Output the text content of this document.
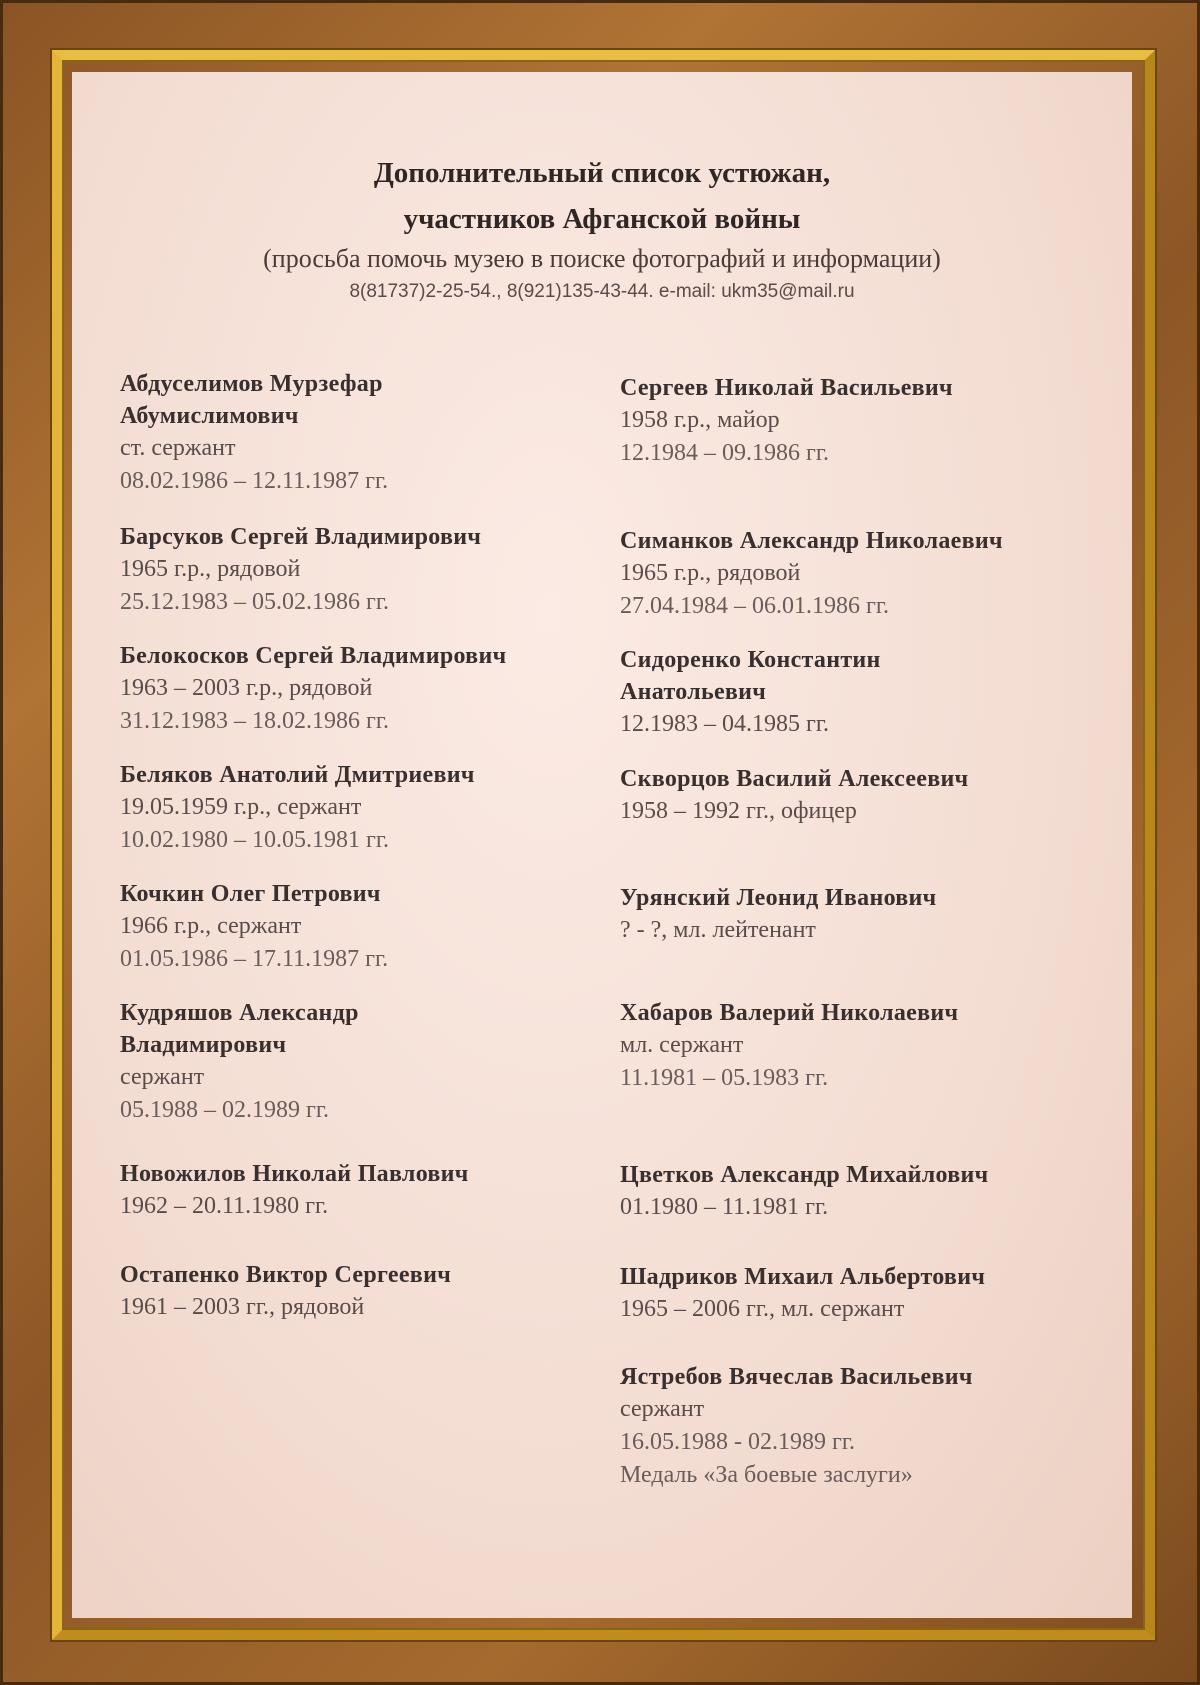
Дополнительный список устюжан,
участников Афганской войны
(просьба помочь музею в поиске фотографий и информации)
8(81737)2-25-54., 8(921)135-43-44. e-mail: ukm35@mail.ru
Абдуселимов Мурзефар
Абумислимович
ст. сержант
08.02.1986 – 12.11.1987 гг.
Барсуков Сергей Владимирович
1965 г.р., рядовой
25.12.1983 – 05.02.1986 гг.
Белокосков Сергей Владимирович
1963 – 2003 г.р., рядовой
31.12.1983 – 18.02.1986 гг.
Беляков Анатолий Дмитриевич
19.05.1959 г.р., сержант
10.02.1980 – 10.05.1981 гг.
Кочкин Олег Петрович
1966 г.р., сержант
01.05.1986 – 17.11.1987 гг.
Кудряшов Александр
Владимирович
сержант
05.1988 – 02.1989 гг.
Новожилов Николай Павлович
1962 – 20.11.1980 гг.
Остапенко Виктор Сергеевич
1961 – 2003 гг., рядовой
Сергеев Николай Васильевич
1958 г.р., майор
12.1984 – 09.1986 гг.
Симанков Александр Николаевич
1965 г.р., рядовой
27.04.1984 – 06.01.1986 гг.
Сидоренко Константин
Анатольевич
12.1983 – 04.1985 гг.
Скворцов Василий Алексеевич
1958 – 1992 гг., офицер
Урянский Леонид Иванович
? - ?, мл. лейтенант
Хабаров Валерий Николаевич
мл. сержант
11.1981 – 05.1983 гг.
Цветков Александр Михайлович
01.1980 – 11.1981 гг.
Шадриков Михаил Альбертович
1965 – 2006 гг., мл. сержант
Ястребов Вячеслав Васильевич
сержант
16.05.1988 - 02.1989 гг.
Медаль «За боевые заслуги»
